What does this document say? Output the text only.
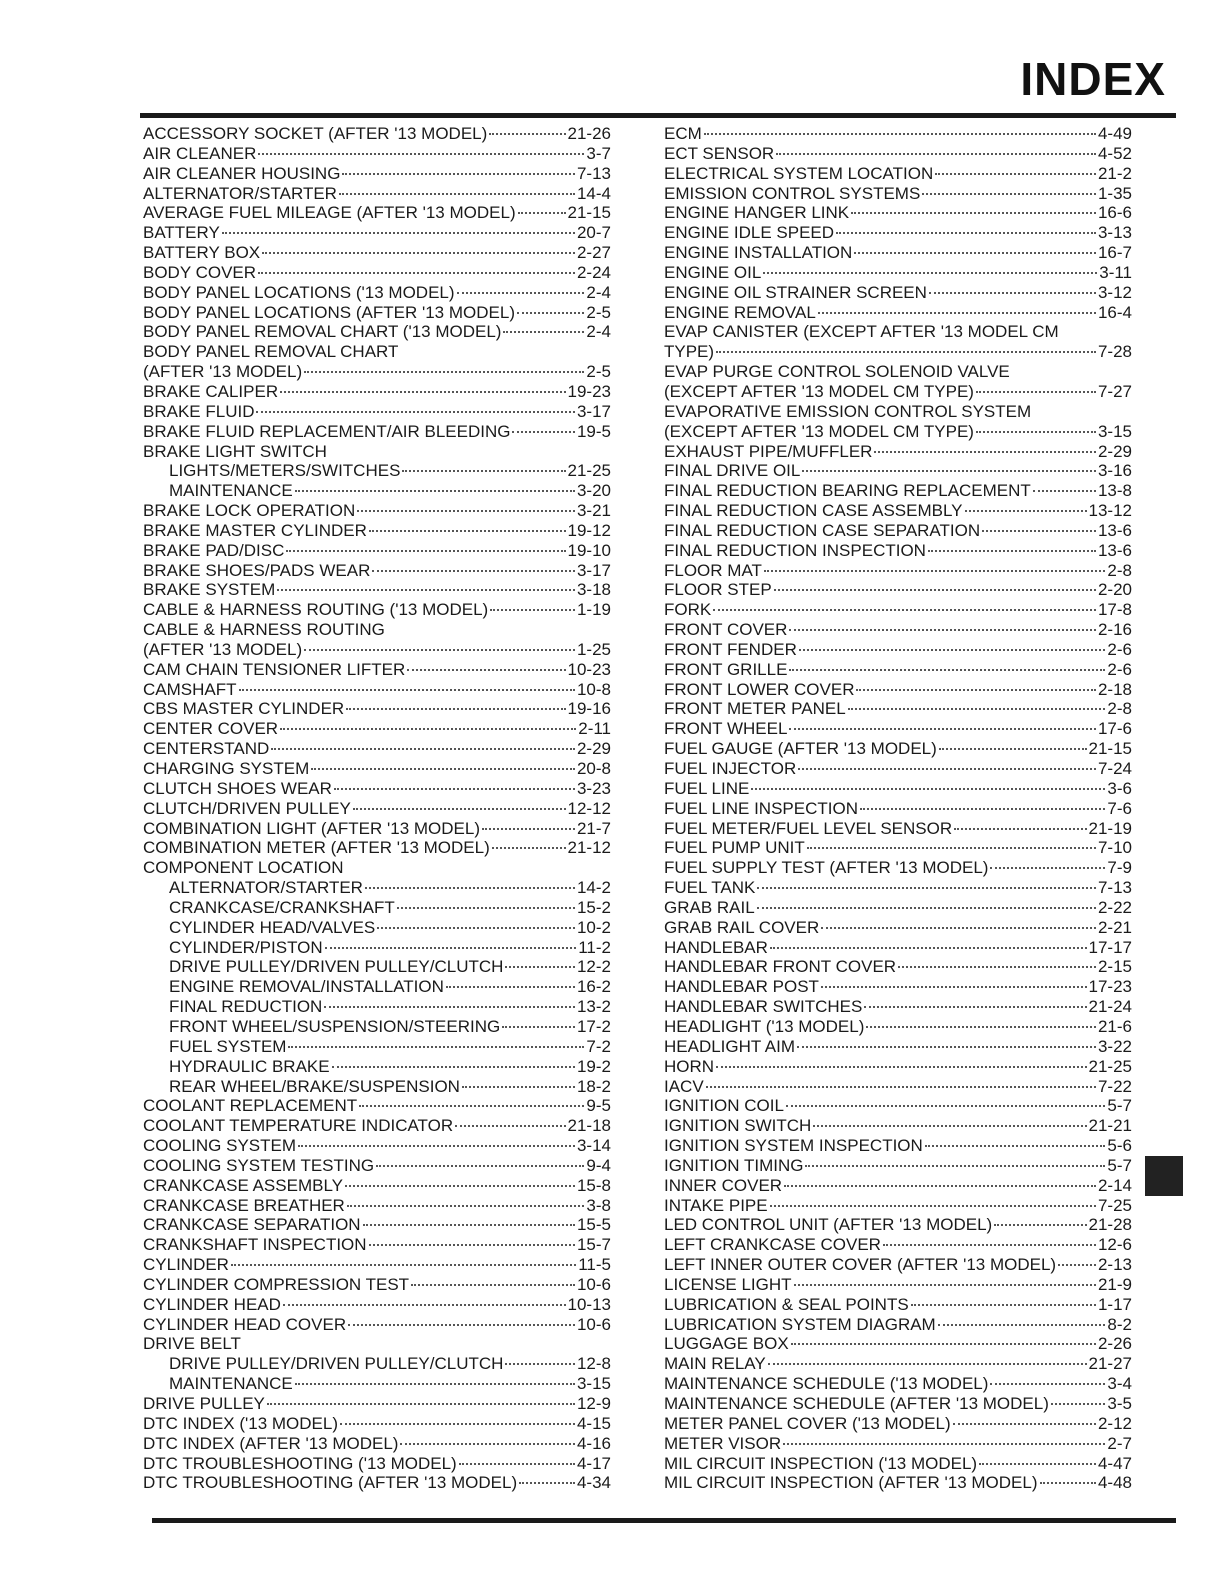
INDEX
ACCESSORY SOCKET (AFTER '13 MODEL)	21-26
AIR CLEANER	3-7
AIR CLEANER HOUSING	7-13
ALTERNATOR/STARTER	14-4
AVERAGE FUEL MILEAGE (AFTER '13 MODEL)	21-15
BATTERY	20-7
BATTERY BOX	2-27
BODY COVER	2-24
BODY PANEL LOCATIONS ('13 MODEL)	2-4
BODY PANEL LOCATIONS (AFTER '13 MODEL)	2-5
BODY PANEL REMOVAL CHART ('13 MODEL)	2-4
BODY PANEL REMOVAL CHART
(AFTER '13 MODEL)	2-5
BRAKE CALIPER	19-23
BRAKE FLUID	3-17
BRAKE FLUID REPLACEMENT/AIR BLEEDING	19-5
BRAKE LIGHT SWITCH
LIGHTS/METERS/SWITCHES	21-25
MAINTENANCE	3-20
BRAKE LOCK OPERATION	3-21
BRAKE MASTER CYLINDER	19-12
BRAKE PAD/DISC	19-10
BRAKE SHOES/PADS WEAR	3-17
BRAKE SYSTEM	3-18
CABLE & HARNESS ROUTING ('13 MODEL)	1-19
CABLE & HARNESS ROUTING
(AFTER '13 MODEL)	1-25
CAM CHAIN TENSIONER LIFTER	10-23
CAMSHAFT	10-8
CBS MASTER CYLINDER	19-16
CENTER COVER	2-11
CENTERSTAND	2-29
CHARGING SYSTEM	20-8
CLUTCH SHOES WEAR	3-23
CLUTCH/DRIVEN PULLEY	12-12
COMBINATION LIGHT (AFTER '13 MODEL)	21-7
COMBINATION METER (AFTER '13 MODEL)	21-12
COMPONENT LOCATION
ALTERNATOR/STARTER	14-2
CRANKCASE/CRANKSHAFT	15-2
CYLINDER HEAD/VALVES	10-2
CYLINDER/PISTON	11-2
DRIVE PULLEY/DRIVEN PULLEY/CLUTCH	12-2
ENGINE REMOVAL/INSTALLATION	16-2
FINAL REDUCTION	13-2
FRONT WHEEL/SUSPENSION/STEERING	17-2
FUEL SYSTEM	7-2
HYDRAULIC BRAKE	19-2
REAR WHEEL/BRAKE/SUSPENSION	18-2
COOLANT REPLACEMENT	9-5
COOLANT TEMPERATURE INDICATOR	21-18
COOLING SYSTEM	3-14
COOLING SYSTEM TESTING	9-4
CRANKCASE ASSEMBLY	15-8
CRANKCASE BREATHER	3-8
CRANKCASE SEPARATION	15-5
CRANKSHAFT INSPECTION	15-7
CYLINDER	11-5
CYLINDER COMPRESSION TEST	10-6
CYLINDER HEAD	10-13
CYLINDER HEAD COVER	10-6
DRIVE BELT
DRIVE PULLEY/DRIVEN PULLEY/CLUTCH	12-8
MAINTENANCE	3-15
DRIVE PULLEY	12-9
DTC INDEX ('13 MODEL)	4-15
DTC INDEX (AFTER '13 MODEL)	4-16
DTC TROUBLESHOOTING ('13 MODEL)	4-17
DTC TROUBLESHOOTING (AFTER '13 MODEL)	4-34
ECM	4-49
ECT SENSOR	4-52
ELECTRICAL SYSTEM LOCATION	21-2
EMISSION CONTROL SYSTEMS	1-35
ENGINE HANGER LINK	16-6
ENGINE IDLE SPEED	3-13
ENGINE INSTALLATION	16-7
ENGINE OIL	3-11
ENGINE OIL STRAINER SCREEN	3-12
ENGINE REMOVAL	16-4
EVAP CANISTER (EXCEPT AFTER '13 MODEL CM
TYPE)	7-28
EVAP PURGE CONTROL SOLENOID VALVE
(EXCEPT AFTER '13 MODEL CM TYPE)	7-27
EVAPORATIVE EMISSION CONTROL SYSTEM
(EXCEPT AFTER '13 MODEL CM TYPE)	3-15
EXHAUST PIPE/MUFFLER	2-29
FINAL DRIVE OIL	3-16
FINAL REDUCTION BEARING REPLACEMENT	13-8
FINAL REDUCTION CASE ASSEMBLY	13-12
FINAL REDUCTION CASE SEPARATION	13-6
FINAL REDUCTION INSPECTION	13-6
FLOOR MAT	2-8
FLOOR STEP	2-20
FORK	17-8
FRONT COVER	2-16
FRONT FENDER	2-6
FRONT GRILLE	2-6
FRONT LOWER COVER	2-18
FRONT METER PANEL	2-8
FRONT WHEEL	17-6
FUEL GAUGE (AFTER '13 MODEL)	21-15
FUEL INJECTOR	7-24
FUEL LINE	3-6
FUEL LINE INSPECTION	7-6
FUEL METER/FUEL LEVEL SENSOR	21-19
FUEL PUMP UNIT	7-10
FUEL SUPPLY TEST (AFTER '13 MODEL)	7-9
FUEL TANK	7-13
GRAB RAIL	2-22
GRAB RAIL COVER	2-21
HANDLEBAR	17-17
HANDLEBAR FRONT COVER	2-15
HANDLEBAR POST	17-23
HANDLEBAR SWITCHES	21-24
HEADLIGHT ('13 MODEL)	21-6
HEADLIGHT AIM	3-22
HORN	21-25
IACV	7-22
IGNITION COIL	5-7
IGNITION SWITCH	21-21
IGNITION SYSTEM INSPECTION	5-6
IGNITION TIMING	5-7
INNER COVER	2-14
INTAKE PIPE	7-25
LED CONTROL UNIT (AFTER '13 MODEL)	21-28
LEFT CRANKCASE COVER	12-6
LEFT INNER OUTER COVER (AFTER '13 MODEL) 2-13
LICENSE LIGHT	21-9
LUBRICATION & SEAL POINTS	1-17
LUBRICATION SYSTEM DIAGRAM	8-2
LUGGAGE BOX	2-26
MAIN RELAY	21-27
MAINTENANCE SCHEDULE ('13 MODEL)	3-4
MAINTENANCE SCHEDULE (AFTER '13 MODEL)	3-5
METER PANEL COVER ('13 MODEL)	2-12
METER VISOR	2-7
MIL CIRCUIT INSPECTION ('13 MODEL)	4-47
MIL CIRCUIT INSPECTION (AFTER '13 MODEL)	4-48
